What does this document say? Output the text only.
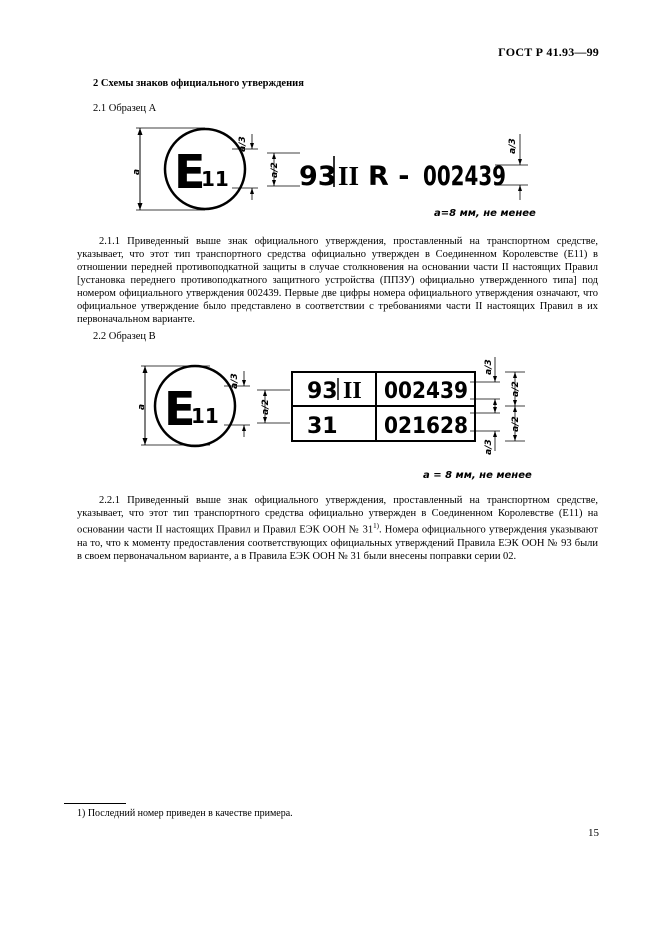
ГОСТ Р 41.93—99
2 Схемы знаков официального утверждения
2.1 Образец А
a E
11
a/3
a/2 93 II R - 002439
a/3
a=8 мм, не менее

2.1.1 Приведенный выше знак официального утверждения, проставленный на транспортном средстве, указывает, что этот тип транспортного средства официально утвержден в Соединенном Королевстве (Е11) в отношении передней противоподкатной защиты в случае столкновения на основании части II настоящих Правил [установка переднего противоподкатного защитного устройства (ППЗУ) официально утвержденного типа] под номером официального утверждения 002439. Первые две цифры номера официального утверждения означают, что официальное утверждение было представлено в соответствии с требованиями части II настоящих Правил в их первоначальном варианте.

2.2 Образец В
a E
11
a/3
a/2
93 II 002439
31 021628
a/3
a/3
a/2
a/2
a = 8 мм, не менее

2.2.1 Приведенный выше знак официального утверждения, проставленный на транспортном средстве, указывает, что этот тип транспортного средства официально утвержден в Соединенном Королевстве (Е11) на основании части II настоящих Правил и Правил ЕЭК ООН № 31$^{1)}$. Номера официального утверждения указывают на то, что к моменту предоставления соответствующих официальных утверждений Правила ЕЭК ООН № 93 были в своем первоначальном варианте, а в Правила ЕЭК ООН № 31 были внесены поправки серии 02.

1) Последний номер приведен в качестве примера.
15
